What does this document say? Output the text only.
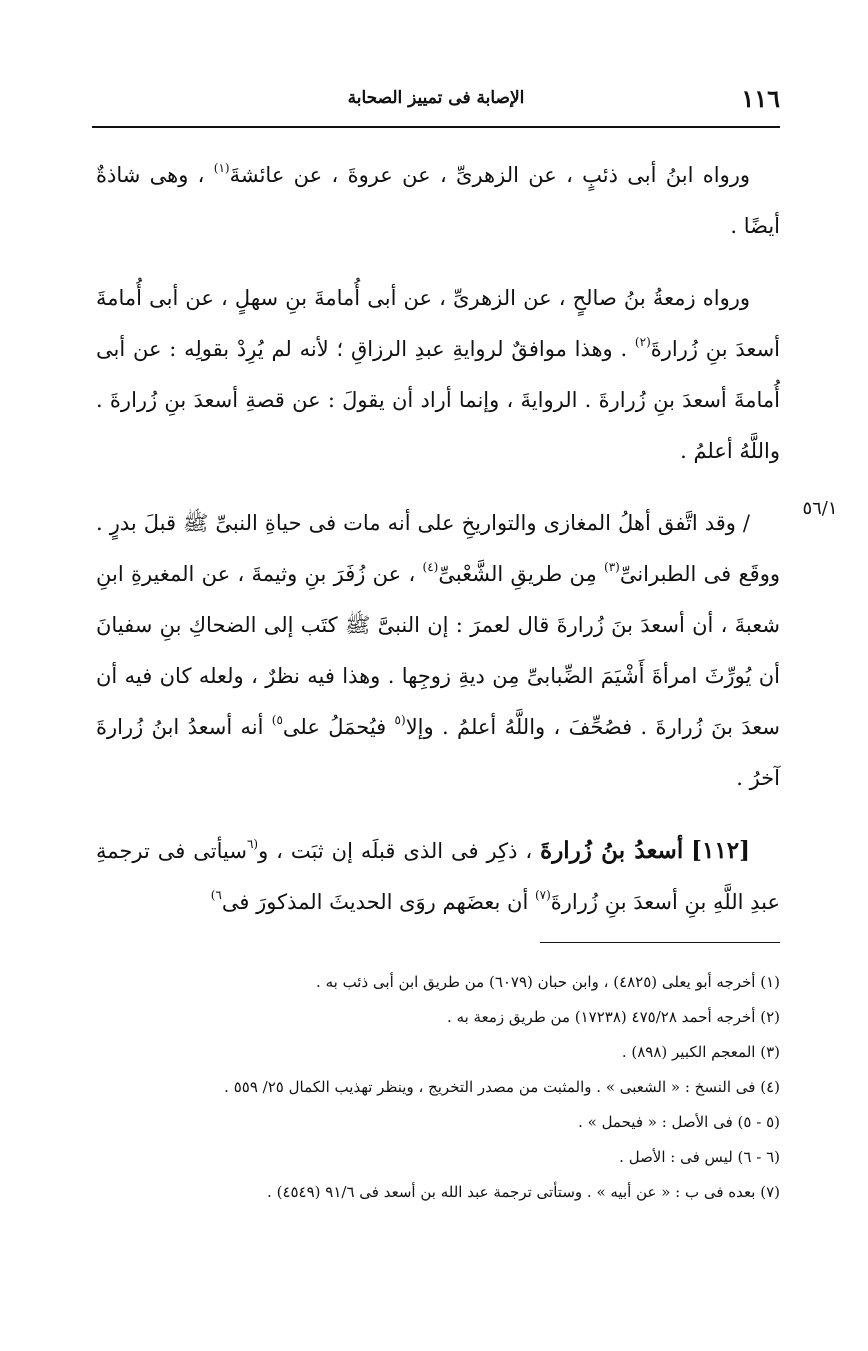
١١٦
الإصابة فى تمييز الصحابة
٥٦/١

ورواه ابنُ أبى ذئبٍ ، عن الزهرىِّ ، عن عروةَ ، عن عائشةَ$^{(١)}$ ، وهى شاذةٌ أيضًا .

ورواه زمعةُ بنُ صالحٍ ، عن الزهرىِّ ، عن أبى أُمامةَ بنِ سهلٍ ، عن أبى أُمامةَ أسعدَ بنِ زُرارةَ$^{(٢)}$ . وهذا موافقٌ لروايةِ عبدِ الرزاقِ ؛ لأنه لم يُرِدْ بقولِه : عن أبى أُمامةَ أسعدَ بنِ زُرارةَ . الروايةَ ، وإنما أراد أن يقولَ : عن قصةِ أسعدَ بنِ زُرارةَ . واللَّهُ أعلمُ .

/ وقد اتَّفق أهلُ المغازى والتواريخِ على أنه مات فى حياةِ النبىِّ ﷺ قبلَ بدرٍ . ووقَع فى الطبرانىِّ$^{(٣)}$ مِن طريقِ الشَّعْبىِّ$^{(٤)}$ ، عن زُفَرَ بنِ وثيمةَ ، عن المغيرةِ ابنِ شعبةَ ، أن أسعدَ بنَ زُرارةَ قال لعمرَ : إن النبىَّ ﷺ كتَب إلى الضحاكِ بنِ سفيانَ أن يُورِّثَ امرأةَ أَشْيَمَ الضِّبابىِّ مِن ديةِ زوجِها . وهذا فيه نظرٌ ، ولعله كان فيه أن سعدَ بنَ زُرارةَ . فصُحِّفَ ، واللَّهُ أعلمُ . وإلا$^{(٥}$ فيُحمَلُ على$^{٥)}$ أنه أسعدُ ابنُ زُرارةَ آخرُ .

[١١٢] أسعدُ بنُ زُرارةَ ، ذكِر فى الذى قبلَه إن ثبَت ، و$^{(٦}$سيأتى فى ترجمةِ عبدِ اللَّهِ بنِ أسعدَ بنِ زُرارةَ$^{(٧)}$ أن بعضَهم روَى الحديثَ المذكورَ فى$^{٦)}$

(١) أخرجه أبو يعلى (٤٨٢٥) ، وابن حبان (٦٠٧٩) من طريق ابن أبى ذئب به .

(٢) أخرجه أحمد ٤٧٥/٢٨ (١٧٢٣٨) من طريق زمعة به .

(٣) المعجم الكبير (٨٩٨) .

(٤) فى النسخ : « الشعبى » . والمثبت من مصدر التخريج ، وينظر تهذيب الكمال ٢٥/ ٥٥٩ .

(٥ - ٥) فى الأصل : « فيحمل » .

(٦ - ٦) ليس فى : الأصل .

(٧) بعده فى ب : « عن أبيه » . وستأتى ترجمة عبد الله بن أسعد فى ٩١/٦ (٤٥٤٩) .
